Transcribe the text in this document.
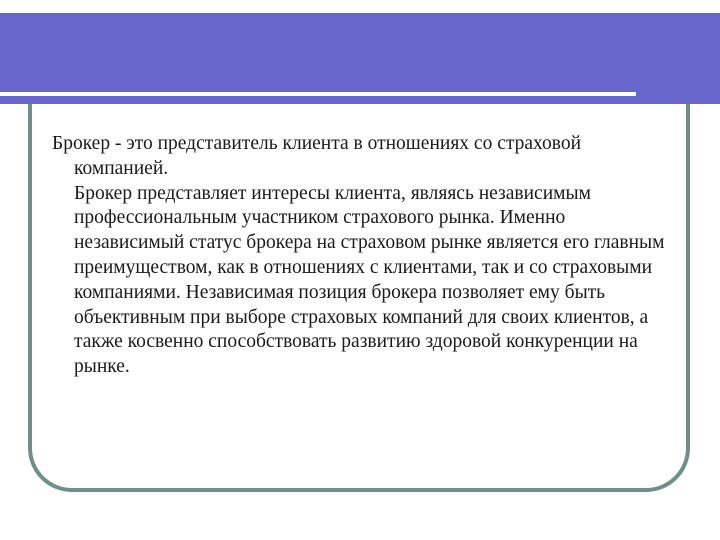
Брокер - это представитель клиента в отношениях со страховой компанией.

Брокер представляет интересы клиента, являясь независимым профессиональным участником страхового рынка. Именно независимый статус брокера на страховом рынке является его главным преимуществом, как в отношениях с клиентами, так и со страховыми компаниями. Независимая позиция брокера позволяет ему быть объективным при выборе страховых компаний для своих клиентов, а также косвенно способствовать развитию здоровой конкуренции на рынке.
